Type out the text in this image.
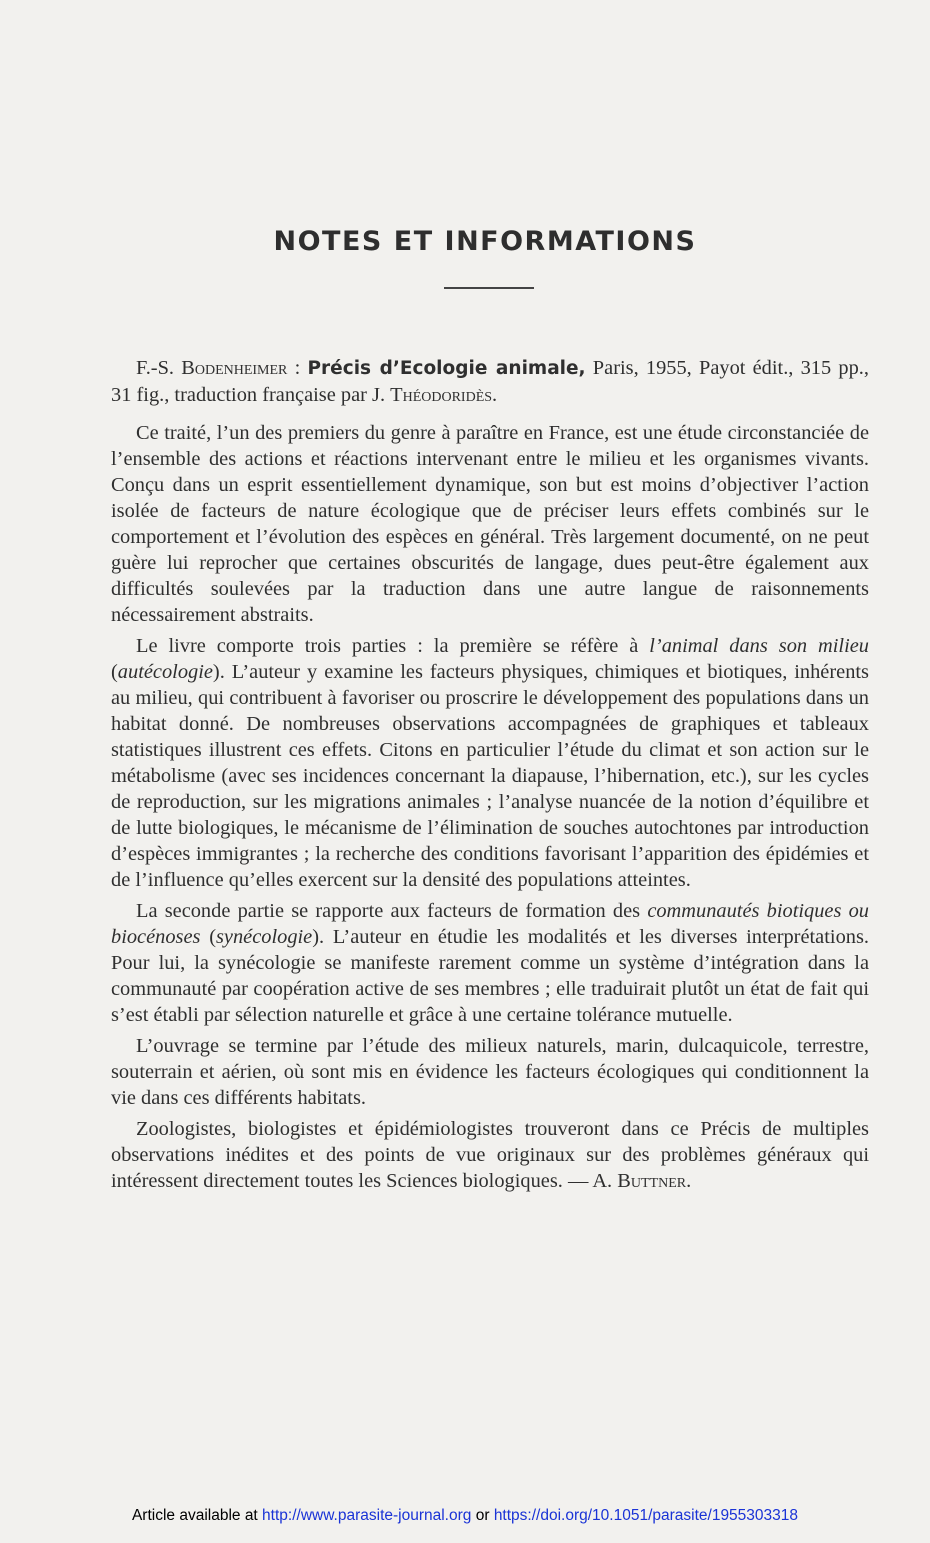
NOTES ET INFORMATIONS

F.-S. Bodenheimer : Précis d’Ecologie animale, Paris, 1955, Payot édit., 315 pp., 31 fig., traduction française par J. Théodoridès.

Ce traité, l’un des premiers du genre à paraître en France, est une étude circonstanciée de l’ensemble des actions et réactions intervenant entre le milieu et les organismes vivants. Conçu dans un esprit essentiellement dynamique, son but est moins d’objectiver l’action isolée de facteurs de nature écologique que de préciser leurs effets combinés sur le comportement et l’évolution des espèces en général. Très largement documenté, on ne peut guère lui reprocher que certaines obscurités de langage, dues peut-être également aux difficultés soulevées par la traduction dans une autre langue de raisonnements nécessairement abstraits.

Le livre comporte trois parties : la première se réfère à l’animal dans son milieu (autécologie). L’auteur y examine les facteurs physiques, chimiques et biotiques, inhérents au milieu, qui contribuent à favoriser ou proscrire le développement des populations dans un habitat donné. De nombreuses observations accompagnées de graphiques et tableaux statistiques illustrent ces effets. Citons en particulier l’étude du climat et son action sur le métabolisme (avec ses incidences concernant la diapause, l’hibernation, etc.), sur les cycles de reproduction, sur les migrations animales ; l’analyse nuancée de la notion d’équilibre et de lutte biologiques, le mécanisme de l’élimination de souches autochtones par introduction d’espèces immigrantes ; la recherche des conditions favorisant l’apparition des épidémies et de l’influence qu’elles exercent sur la densité des populations atteintes.

La seconde partie se rapporte aux facteurs de formation des communautés biotiques ou biocénoses (synécologie). L’auteur en étudie les modalités et les diverses interprétations. Pour lui, la synécologie se manifeste rarement comme un système d’intégration dans la communauté par coopération active de ses membres ; elle traduirait plutôt un état de fait qui s’est établi par sélection naturelle et grâce à une certaine tolérance mutuelle.

L’ouvrage se termine par l’étude des milieux naturels, marin, dulcaquicole, terrestre, souterrain et aérien, où sont mis en évidence les facteurs écologiques qui conditionnent la vie dans ces différents habitats.

Zoologistes, biologistes et épidémiologistes trouveront dans ce Précis de multiples observations inédites et des points de vue originaux sur des problèmes généraux qui intéressent directement toutes les Sciences biologiques. — A. Buttner.

Article available at http://www.parasite-journal.org or https://doi.org/10.1051/parasite/1955303318
